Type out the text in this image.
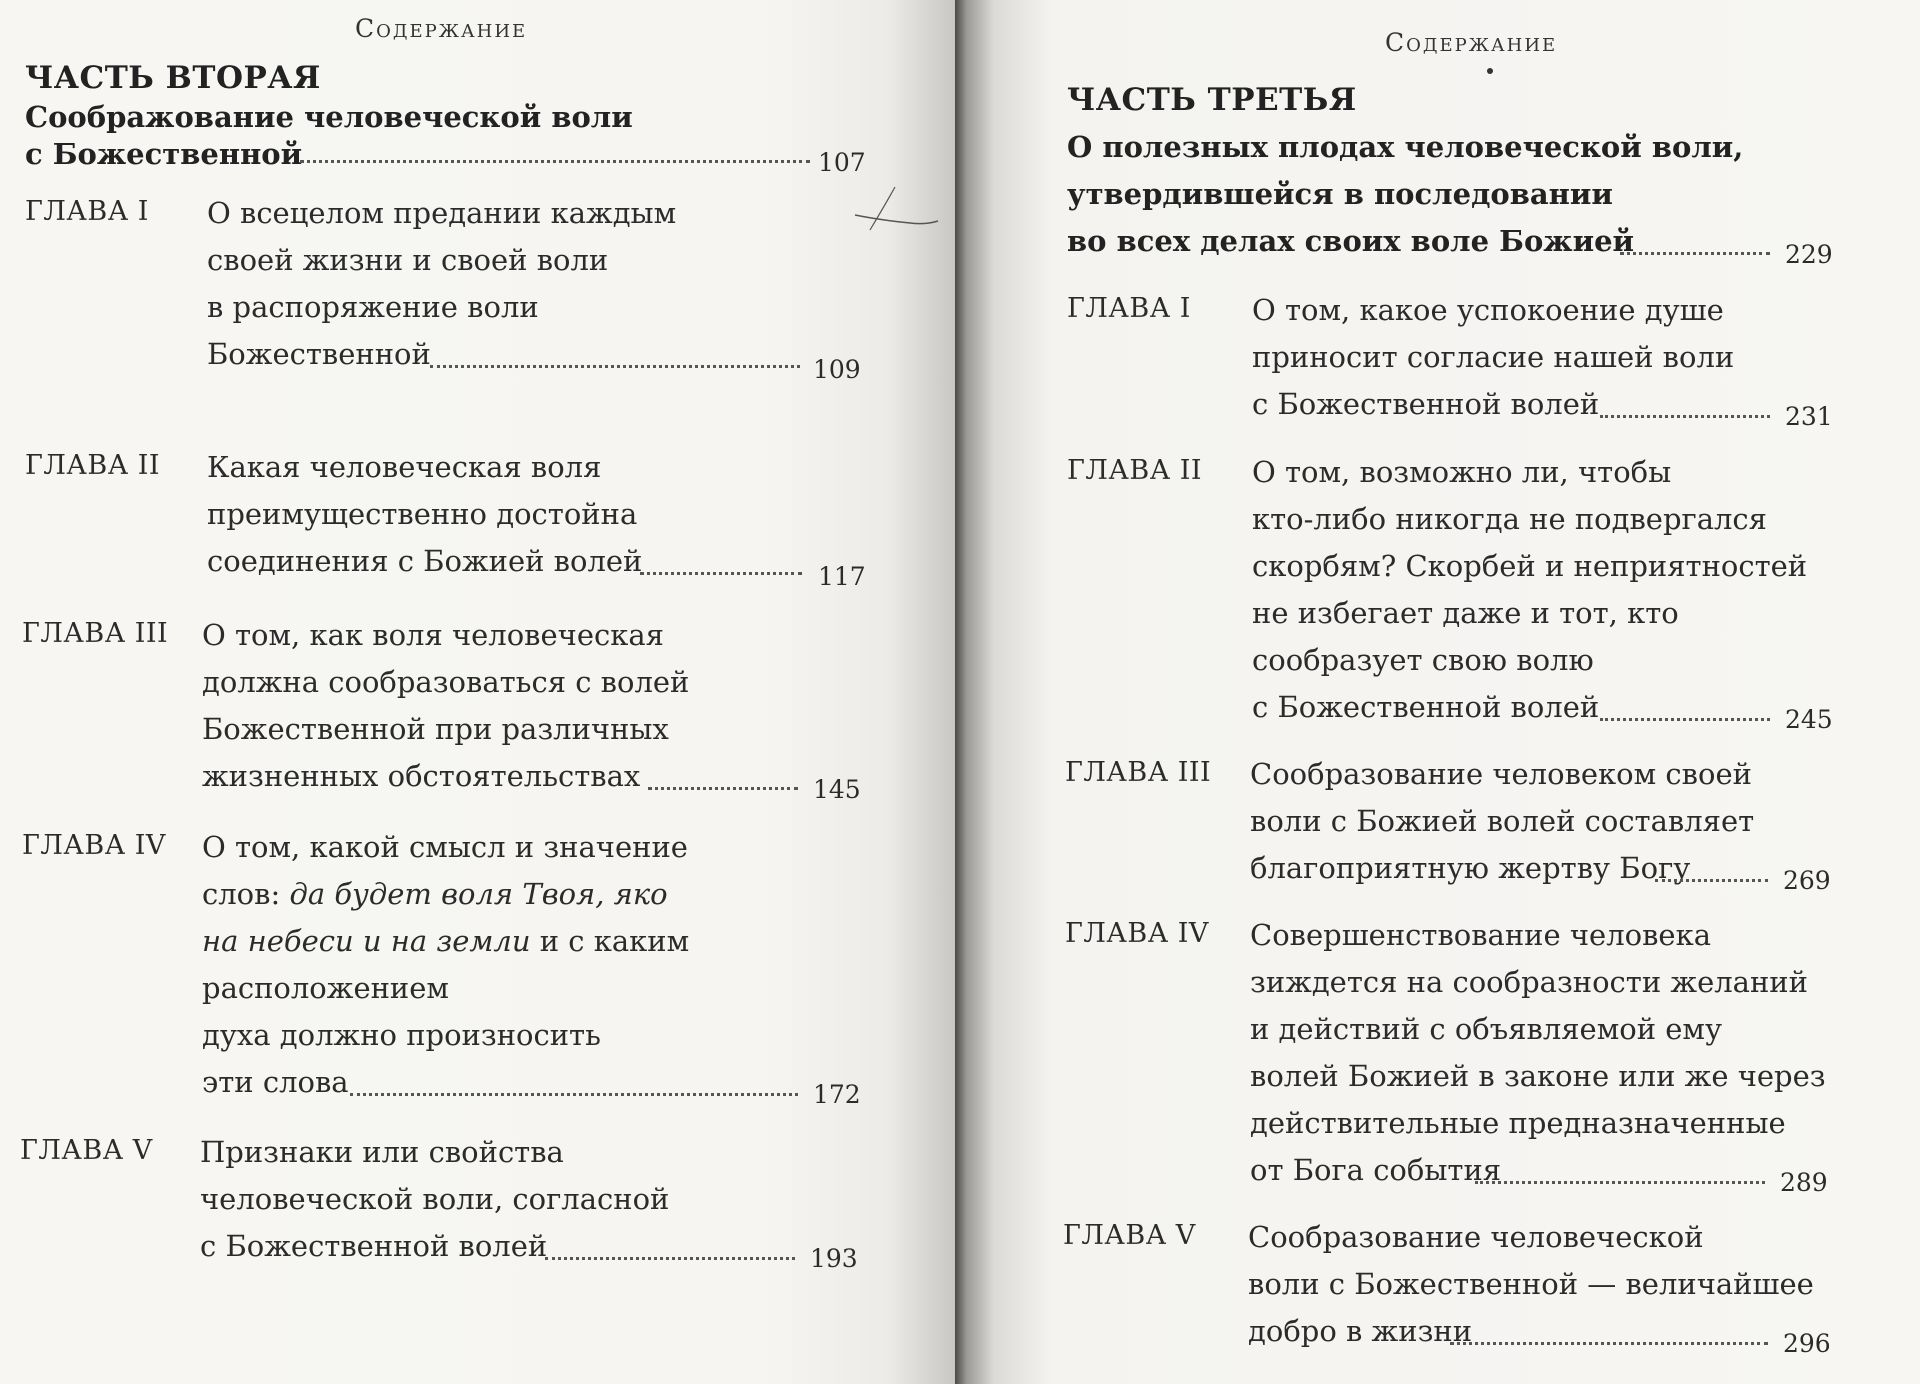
Содержание
ЧАСТЬ ВТОРАЯ
Соображование человеческой воли
с Божественной	107
ГЛАВА I О всецелом предании каждым
своей жизни и своей воли
в распоряжение воли
Божественной	109
ГЛАВА II Какая человеческая воля
преимущественно достойна
соединения с Божией волей	117
ГЛАВА III О том, как воля человеческая
должна сообразоваться с волей
Божественной при различных
жизненных обстоятельствах	145
ГЛАВА IV О том, какой смысл и значение
слов: да будет воля Твоя, яко
на небеси и на земли и с каким
расположением
духа должно произносить
эти слова	172
ГЛАВА V Признаки или свойства
человеческой воли, согласной
с Божественной волей	193
Содержание
ЧАСТЬ ТРЕТЬЯ
О полезных плодах человеческой воли,
утвердившейся в последовании
во всех делах своих воле Божией	229
ГЛАВА I О том, какое успокоение душе
приносит согласие нашей воли
с Божественной волей	231
ГЛАВА II О том, возможно ли, чтобы
кто-либо никогда не подвергался
скорбям? Скорбей и неприятностей
не избегает даже и тот, кто
сообразует свою волю
с Божественной волей	245
ГЛАВА III Сообразование человеком своей
воли с Божией волей составляет
благоприятную жертву Богу	269
ГЛАВА IV Совершенствование человека
зиждется на сообразности желаний
и действий с объявляемой ему
волей Божией в законе или же через
действительные предназначенные
от Бога события	289
ГЛАВА V Сообразование человеческой
воли с Божественной — величайшее
добро в жизни	296
